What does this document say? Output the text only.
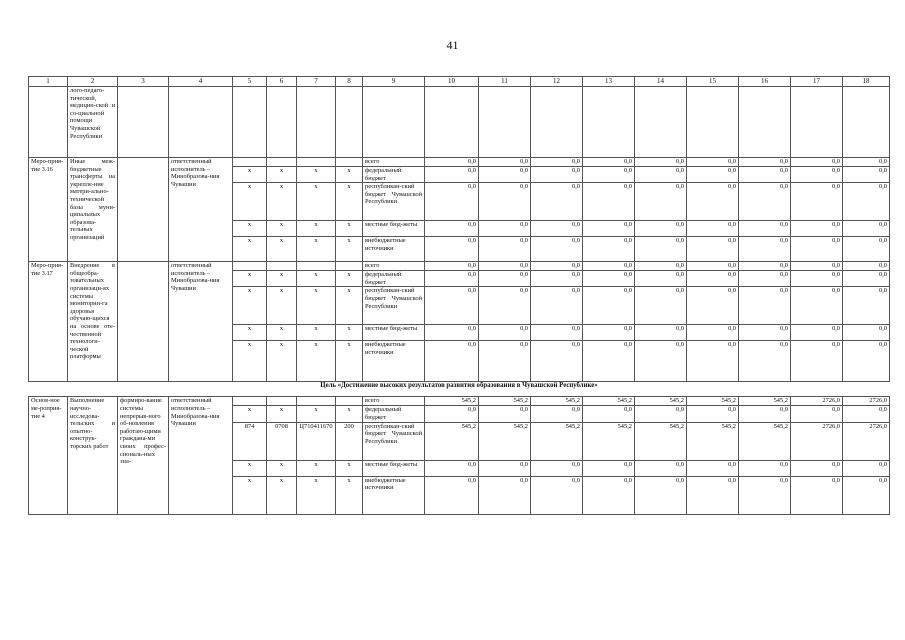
41
1	2	3	4	5	6	7	8	9	10	11	12	13	14	15	16	17	18
	лого-педаго-тической, медицин-ской и со-циальной помощи Чувашской Республики																
Меро-прия-тие 3.16	Иные меж-бюджетные трансферты на укрепле-ние матери-ально-технической базы муни-ципальных образова-тельных организаций		ответственный исполнитель – Минобразова-ния Чувашии					всего	0,0	0,0	0,0	0,0	0,0	0,0	0,0	0,0	0,0
				x	x	x	x	федеральный бюджет	0,0	0,0	0,0	0,0	0,0	0,0	0,0	0,0	0,0
				x	x	x	x	республикан-ский бюджет Чувашской Республики	0,0	0,0	0,0	0,0	0,0	0,0	0,0	0,0	0,0
				x	x	x	x	местные бюд-жеты	0,0	0,0	0,0	0,0	0,0	0,0	0,0	0,0	0,0
				x	x	x	x	внебюджетные источники	0,0	0,0	0,0	0,0	0,0	0,0	0,0	0,0	0,0
Меро-прия-тие 3.17	Внедрение в общеобра-зовательных организаци-ях системы мониторин-га здоровья обучаю-щихся на основе оте-чественной технологи-ческой платформы		ответственный исполнитель – Минобразова-ния Чувашии					всего	0,0	0,0	0,0	0,0	0,0	0,0	0,0	0,0	0,0
				x	x	x	x	федеральный бюджет	0,0	0,0	0,0	0,0	0,0	0,0	0,0	0,0	0,0
				x	x	x	x	республикан-ский бюджет Чувашской Республики	0,0	0,0	0,0	0,0	0,0	0,0	0,0	0,0	0,0
				x	x	x	x	местные бюд-жеты	0,0	0,0	0,0	0,0	0,0	0,0	0,0	0,0	0,0
				x	x	x	x	внебюджетные источники	0,0	0,0	0,0	0,0	0,0	0,0	0,0	0,0	0,0
Цель «Достижение высоких результатов развития образования в Чувашской Республике»																	
Основ-ное ме-роприя-тие 4	Выполнение научно-исследова-тельских и опытно-конструк-торских работ	формиро-вание системы непрерыв-ного об-новления работаю-щими граждана-ми своих профес-сиональ-ных зна-	ответственный исполнитель – Минобразова-ния Чувашии					всего	545,2	545,2	545,2	545,2	545,2	545,2	545,2	2726,0	2726,0
				x	x	x	x	федеральный бюджет	0,0	0,0	0,0	0,0	0,0	0,0	0,0	0,0	0,0
				874	0708	Ц710411670	200	республикан-ский бюджет Чувашской Республики	545,2	545,2	545,2	545,2	545,2	545,2	545,2	2726,0	2726,0
				x	x	x	x	местные бюд-жеты	0,0	0,0	0,0	0,0	0,0	0,0	0,0	0,0	0,0
				x	x	x	x	внебюджетные источники	0,0	0,0	0,0	0,0	0,0	0,0	0,0	0,0	0,0
